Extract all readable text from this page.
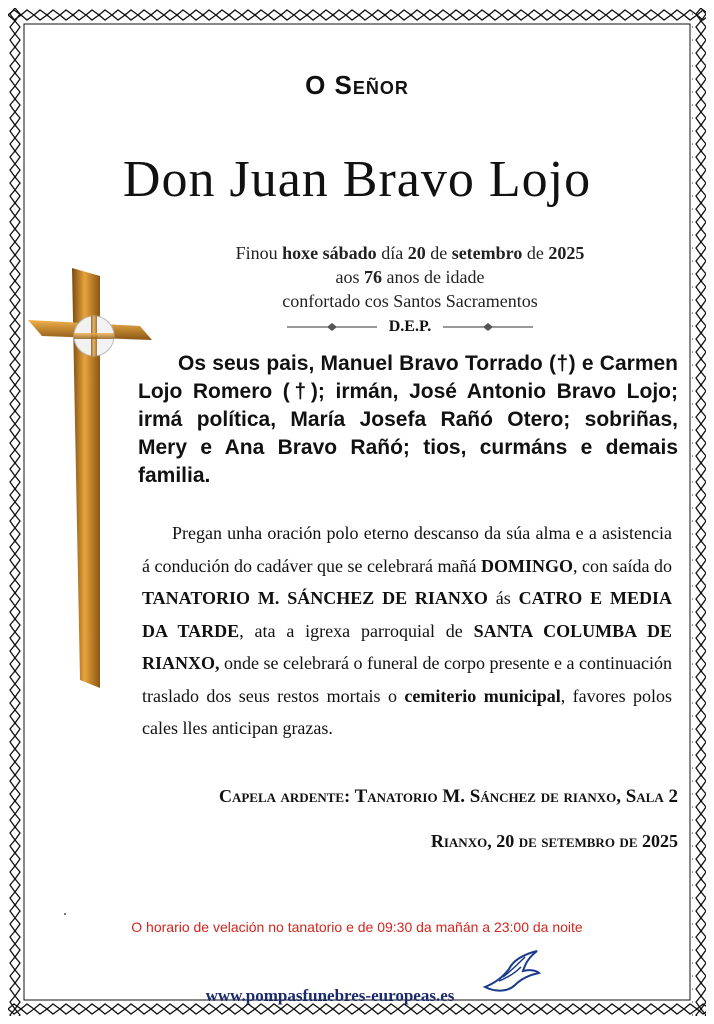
O Señor
Don Juan Bravo Lojo
Finou hoxe sábado día 20 de setembro de 2025
aos 76 anos de idade
confortado cos Santos Sacramentos
D.E.P.
Os seus pais, Manuel Bravo Torrado (†) e Carmen Lojo Romero (†); irmán, José Antonio Bravo Lojo; irmá política, María Josefa Rañó Otero; sobriñas, Mery e Ana Bravo Rañó; tios, curmáns e demais familia.
Pregan unha oración polo eterno descanso da súa alma e a asistencia á condución do cadáver que se celebrará mañá DOMINGO, con saída do TANATORIO M. SÁNCHEZ DE RIANXO ás CATRO E MEDIA DA TARDE, ata a igrexa parroquial de SANTA COLUMBA DE RIANXO, onde se celebrará o funeral de corpo presente e a continuación traslado dos seus restos mortais o cemiterio municipal, favores polos cales lles anticipan grazas.
Capela ardente: Tanatorio M. Sánchez de rianxo, Sala 2
Rianxo, 20 de setembro de 2025
O horario de velación no tanatorio e de 09:30 da mañán a 23:00 da noite
www.pompasfunebres-europeas.es
